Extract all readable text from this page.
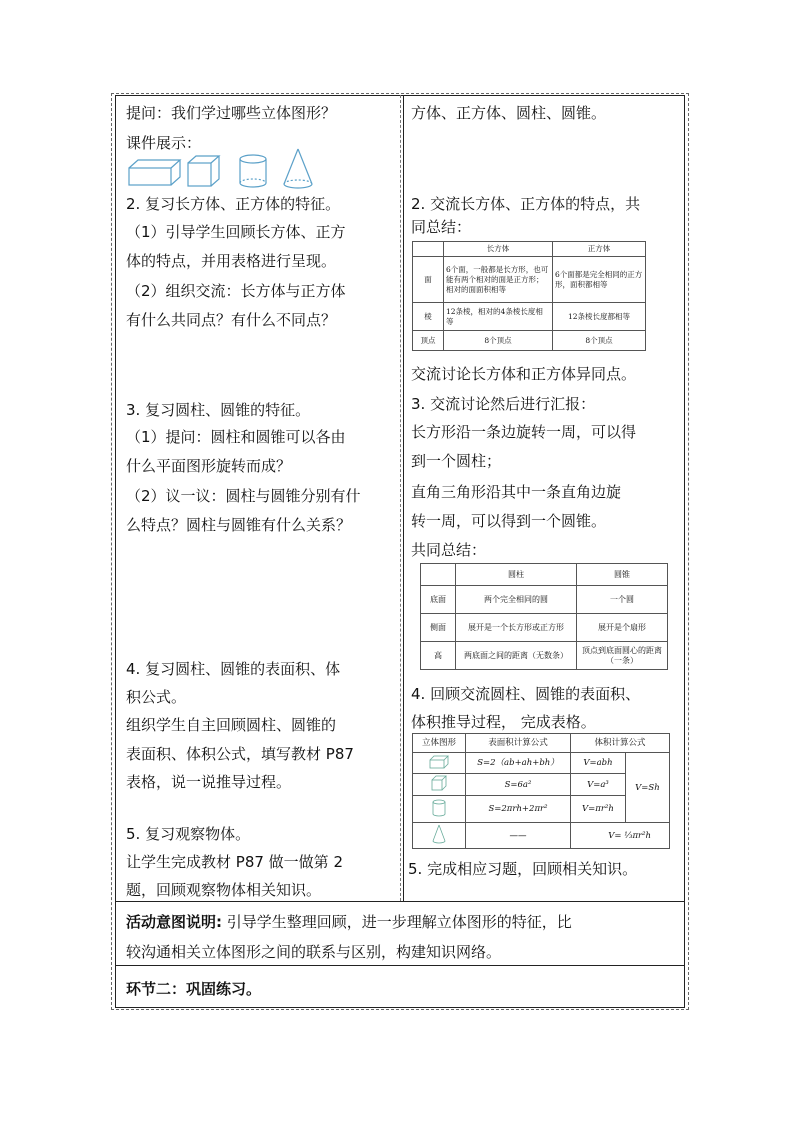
提问：我们学过哪些立体图形？
课件展示：
2. 复习长方体、正方体的特征。
（1）引导学生回顾长方体、正方
体的特点，并用表格进行呈现。
（2）组织交流：长方体与正方体
有什么共同点？有什么不同点？
3. 复习圆柱、圆锥的特征。
（1）提问：圆柱和圆锥可以各由
什么平面图形旋转而成？
（2）议一议：圆柱与圆锥分别有什
么特点？圆柱与圆锥有什么关系？
4. 复习圆柱、圆锥的表面积、体
积公式。
组织学生自主回顾圆柱、圆锥的
表面积、体积公式，填写教材 P87
表格，说一说推导过程。
5. 复习观察物体。
让学生完成教材 P87 做一做第 2
题，回顾观察物体相关知识。
方体、正方体、圆柱、圆锥。
2. 交流长方体、正方体的特点，共
同总结：
	长方体	正方体
面	6个面，一般都是长方形，也可能有两个相对的面是正方形；相对的面面积相等	6个面都是完全相同的正方形，面积都相等
棱	12条棱，相对的4条棱长度相等	12条棱长度都相等
顶点	8个顶点	8个顶点
交流讨论长方体和正方体异同点。
3. 交流讨论然后进行汇报：
长方形沿一条边旋转一周，可以得
到一个圆柱；
直角三角形沿其中一条直角边旋
转一周，可以得到一个圆锥。
共同总结：
	圆柱	圆锥
底面	两个完全相同的圆	一个圆
侧面	展开是一个长方形或正方形	展开是个扇形
高	两底面之间的距离（无数条）	顶点到底面圆心的距离（一条）
4. 回顾交流圆柱、圆锥的表面积、
体积推导过程， 完成表格。
立体图形	表面积计算公式	体积计算公式	
	S=2（ab+ah+bh）	V=abh	V=Sh
	S=6a²	V=a³	
	S=2πrh+2πr²	V=πr²h	
	——	V= ⅓πr²h	
5. 完成相应习题，回顾相关知识。
活动意图说明: 引导学生整理回顾，进一步理解立体图形的特征，比
较沟通相关立体图形之间的联系与区别，构建知识网络。
环节二：巩固练习。
